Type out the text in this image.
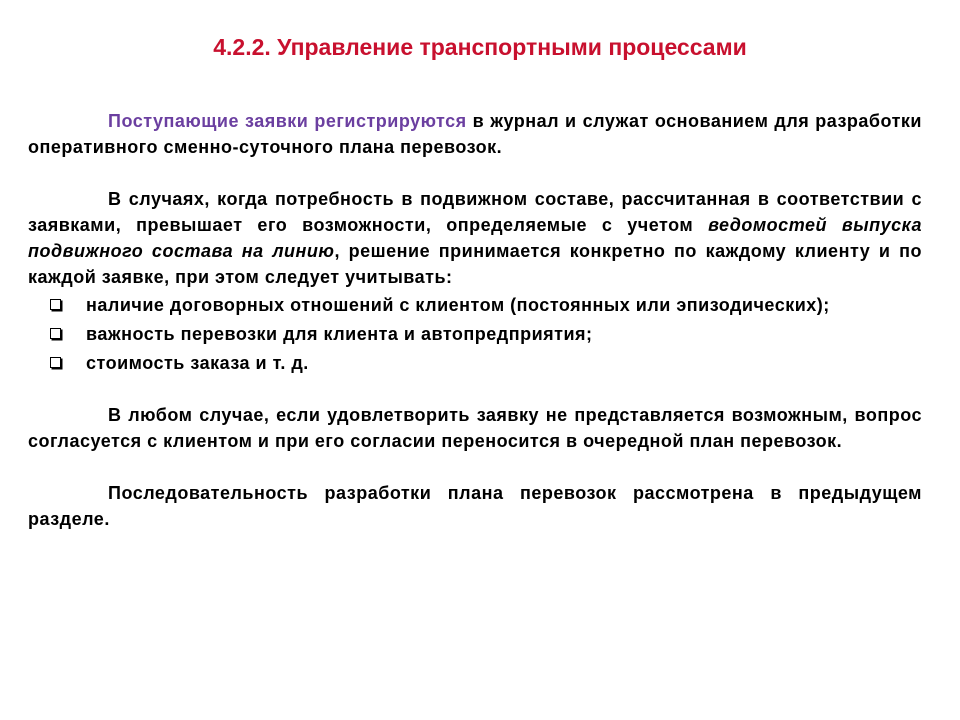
4.2.2. Управление транспортными процессами

Поступающие заявки регистрируются в журнал и служат основанием для разработки оперативного сменно-суточного плана перевозок.

В случаях, когда потребность в подвижном составе, рассчитанная в соответствии с заявками, превышает его возможности, определяемые с учетом ведомостей выпуска подвижного состава на линию, решение принимается конкретно по каждому клиенту и по каждой заявке, при этом следует учитывать:

наличие договорных отношений с клиентом (постоянных или эпизодических);
важность перевозки для клиента и автопредприятия;
стоимость заказа и т. д.

В любом случае, если удовлетворить заявку не представляется возможным, вопрос согласуется с клиентом и при его согласии переносится в очередной план перевозок.

Последовательность разработки плана перевозок рассмотрена в предыдущем разделе.
